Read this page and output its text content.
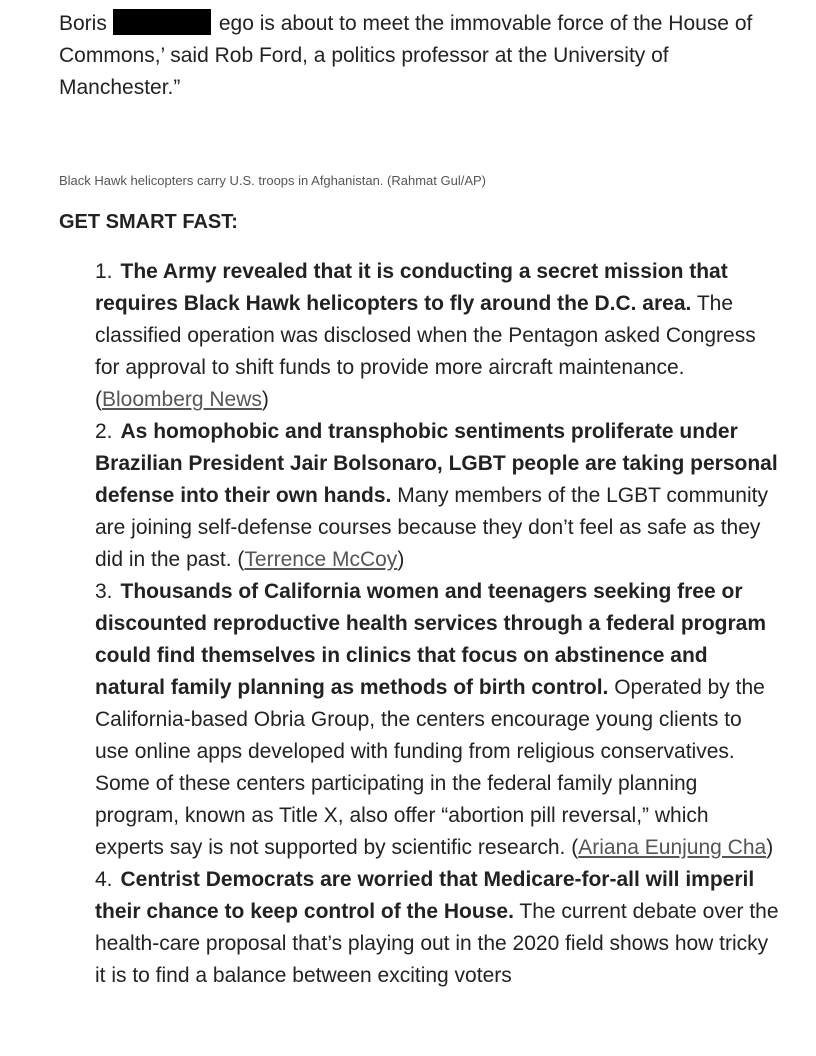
Boris	ego is about to meet the immovable force of the House of Commons,’ said Rob Ford, a politics professor at the University of Manchester.”

Black Hawk helicopters carry U.S. troops in Afghanistan. (Rahmat Gul/AP)

GET SMART FAST:

1. The Army revealed that it is conducting a secret mission that requires Black Hawk helicopters to fly around the D.C. area. The classified operation was disclosed when the Pentagon asked Congress for approval to shift funds to provide more aircraft maintenance. (Bloomberg News)
2. As homophobic and transphobic sentiments proliferate under Brazilian President Jair Bolsonaro, LGBT people are taking personal defense into their own hands. Many members of the LGBT community are joining self-defense courses because they don’t feel as safe as they did in the past. (Terrence McCoy)
3. Thousands of California women and teenagers seeking free or discounted reproductive health services through a federal program could find themselves in clinics that focus on abstinence and natural family planning as methods of birth control. Operated by the California-based Obria Group, the centers encourage young clients to use online apps developed with funding from religious conservatives. Some of these centers participating in the federal family planning program, known as Title X, also offer “abortion pill reversal,” which experts say is not supported by scientific research. (Ariana Eunjung Cha)
4. Centrist Democrats are worried that Medicare-for-all will imperil their chance to keep control of the House. The current debate over the health-care proposal that’s playing out in the 2020 field shows how tricky it is to find a balance between exciting voters
